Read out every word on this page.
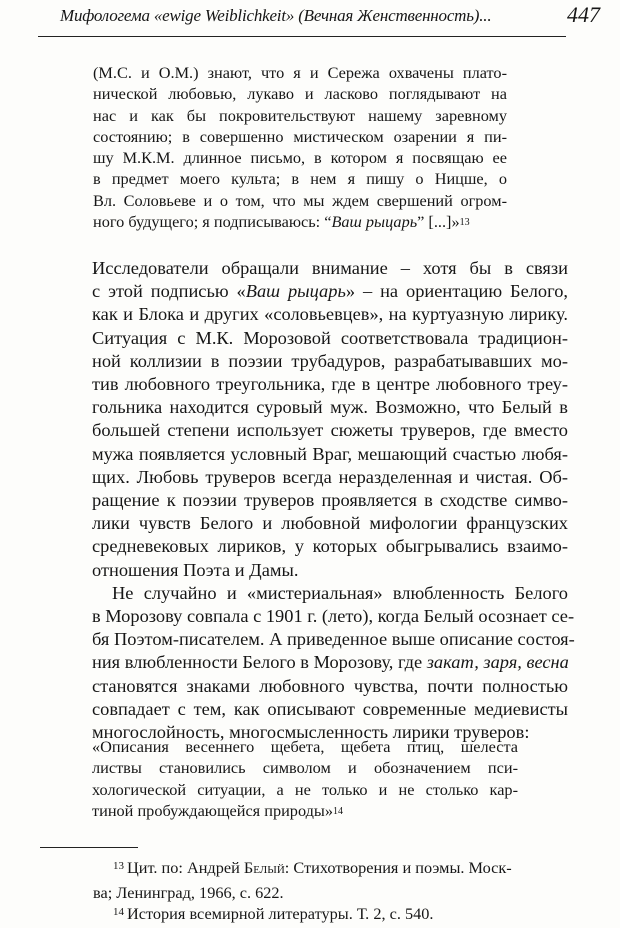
Мифологема «ewige Weiblichkeit» (Вечная Женственность)...	447
(М.С. и О.М.) знают, что я и Сережа охвачены плато-
нической любовью, лукаво и ласково поглядывают на
нас и как бы покровительствуют нашему заревному
состоянию; в совершенно мистическом озарении я пи-
шу М.К.М. длинное письмо, в котором я посвящаю ее
в предмет моего культа; в нем я пишу о Ницше, о
Вл. Соловьеве и о том, что мы ждем свершений огром-
ного будущего; я подписываюсь: “Ваш рыцарь” [...]»$^{13}$
Исследователи обращали внимание – хотя бы в связи
с этой подписью «Ваш рыцарь» – на ориентацию Белого,
как и Блока и других «соловьевцев», на куртуазную лирику.
Ситуация с М.К. Морозовой соответствовала традицион-
ной коллизии в поэзии трубадуров, разрабатывавших мо-
тив любовного треугольника, где в центре любовного треу-
гольника находится суровый муж. Возможно, что Белый в
большей степени использует сюжеты труверов, где вместо
мужа появляется условный Враг, мешающий счастью любя-
щих. Любовь труверов всегда неразделенная и чистая. Об-
ращение к поэзии труверов проявляется в сходстве симво-
лики чувств Белого и любовной мифологии французских
средневековых лириков, у которых обыгрывались взаимо-
отношения Поэта и Дамы.
Не случайно и «мистериальная» влюбленность Белого
в Морозову совпала с 1901 г. (лето), когда Белый осознает се-
бя Поэтом-писателем. А приведенное выше описание состоя-
ния влюбленности Белого в Морозову, где закат, заря, весна
становятся знаками любовного чувства, почти полностью
совпадает с тем, как описывают современные медиевисты
многослойность, многосмысленность лирики труверов:
«Описания весеннего щебета, щебета птиц, шелеста
листвы становились символом и обозначением пси-
хологической ситуации, а не только и не столько кар-
тиной пробуждающейся природы»$^{14}$
$^{13}$ Цит. по: Андрей Белый: Стихотворения и поэмы. Моск-
ва; Ленинград, 1966, с. 622.
$^{14}$ История всемирной литературы. Т. 2, с. 540.
